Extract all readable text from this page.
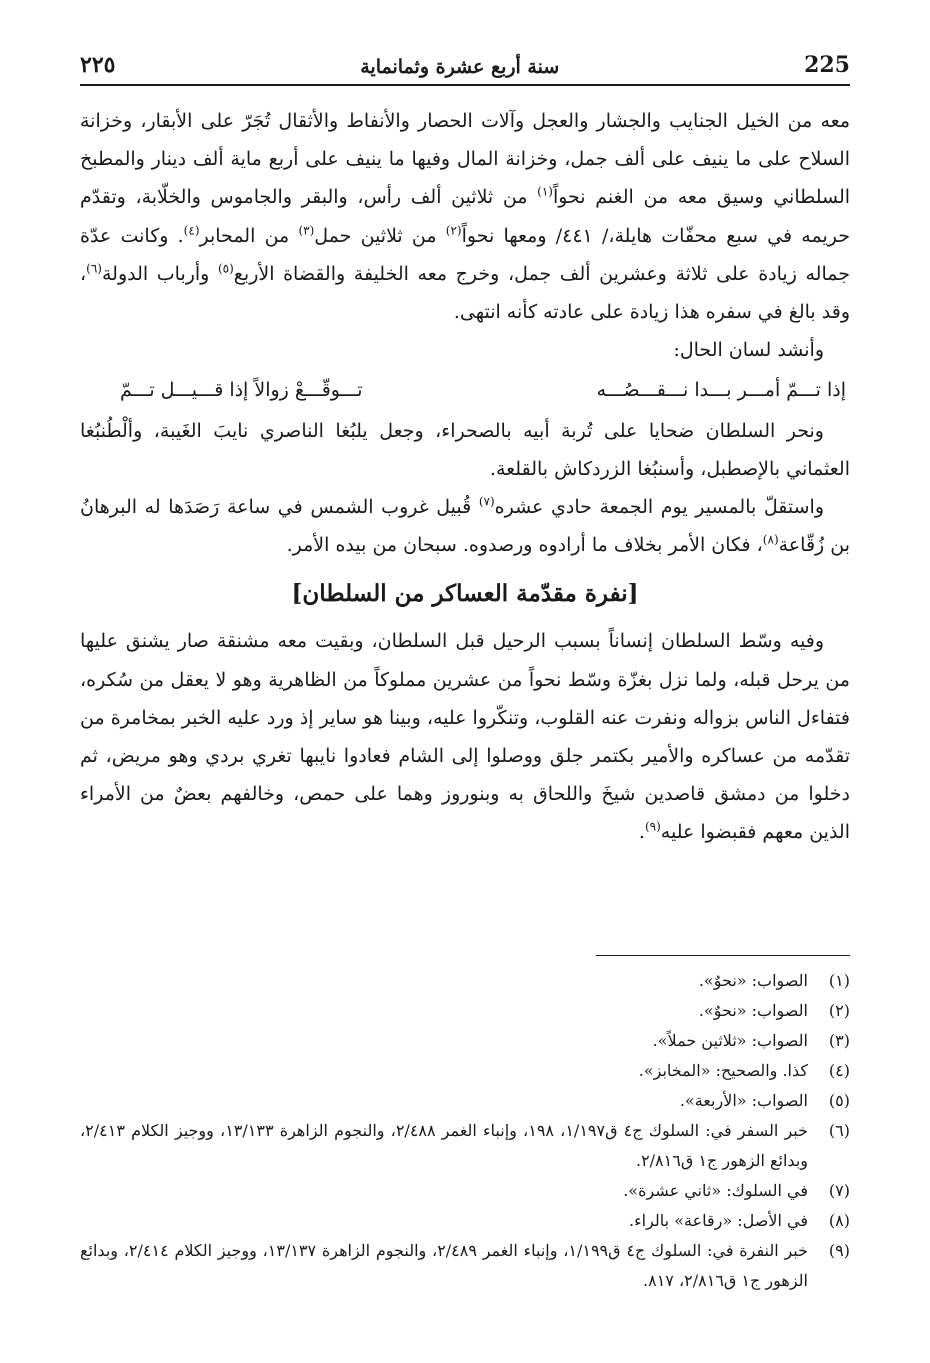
225
سنة أربع عشرة وثمانماية
٢٢٥

معه من الخيل الجنايب والجشار والعجل وآلات الحصار والأنفاط والأثقال تُجَرّ على الأبقار، وخزانة السلاح على ما ينيف على ألف جمل، وخزانة المال وفيها ما ينيف على أربع ماية ألف دينار والمطبخ السلطاني وسيق معه من الغنم نحواً$^{(١)}$ من ثلاثين ألف رأس، والبقر والجاموس والخلّابة، وتقدّم حريمه في سبع محفّات هايلة،/ ٤٤١/ ومعها نحواً$^{(٢)}$ من ثلاثين حمل$^{(٣)}$ من المحابر$^{(٤)}$. وكانت عدّة جماله زيادة على ثلاثة وعشرين ألف جمل، وخرج معه الخليفة والقضاة الأربع$^{(٥)}$ وأرباب الدولة$^{(٦)}$، وقد بالغ في سفره هذا زيادة على عادته كأنه انتهى.

وأنشد لسان الحال:

إذا تـــمّ أمـــر بـــدا نـــقـــصُـــه
تـــوقّـــعْ زوالاً إذا قـــيـــل تـــمّ

ونحر السلطان ضحايا على تُربة أبيه بالصحراء، وجعل يلبُغا الناصري نايبَ الغَيبة، وألْطُنبُغا العثماني بالإصطبل، وأسنبُغا الزردكاش بالقلعة.

واستقلّ بالمسير يوم الجمعة حادي عشره$^{(٧)}$ قُبيل غروب الشمس في ساعة رَصَدَها له البرهانُ بن زُقّاعة$^{(٨)}$، فكان الأمر بخلاف ما أرادوه ورصدوه. سبحان من بيده الأمر.

[نفرة مقدّمة العساكر من السلطان]

وفيه وسّط السلطان إنساناً بسبب الرحيل قبل السلطان، وبقيت معه مشنقة صار يشنق عليها من يرحل قبله، ولما نزل بغزّة وسّط نحواً من عشرين مملوكاً من الظاهرية وهو لا يعقل من سُكره، فتفاءل الناس بزواله ونفرت عنه القلوب، وتنكّروا عليه، وبينا هو ساير إذ ورد عليه الخبر بمخامرة من تقدّمه من عساكره والأمير بكتمر جلق ووصلوا إلى الشام فعادوا نايبها تغري بردي وهو مريض، ثم دخلوا من دمشق قاصدين شيخَ واللحاق به وبنوروز وهما على حمص، وخالفهم بعضٌ من الأمراء الذين معهم فقبضوا عليه$^{(٩)}$.

(١)
الصواب: «نحوٌ».
(٢)
الصواب: «نحوٌ».
(٣)
الصواب: «ثلاثين حملاً».
(٤)
كذا. والصحيح: «المخابز».
(٥)
الصواب: «الأربعة».
(٦)
خبر السفر في: السلوك ج٤ ق١/١٩٧، ١٩٨، وإنباء الغمر ٢/٤٨٨، والنجوم الزاهرة ١٣/١٣٣، ووجيز الكلام ٢/٤١٣، وبدائع الزهور ج١ ق٢/٨١٦.
(٧)
في السلوك: «ثاني عشرة».
(٨)
في الأصل: «رقاعة» بالراء.
(٩)
خبر النفرة في: السلوك ج٤ ق١/١٩٩، وإنباء الغمر ٢/٤٨٩، والنجوم الزاهرة ١٣/١٣٧، ووجيز الكلام ٢/٤١٤، وبدائع الزهور ج١ ق٢/٨١٦، ٨١٧.
